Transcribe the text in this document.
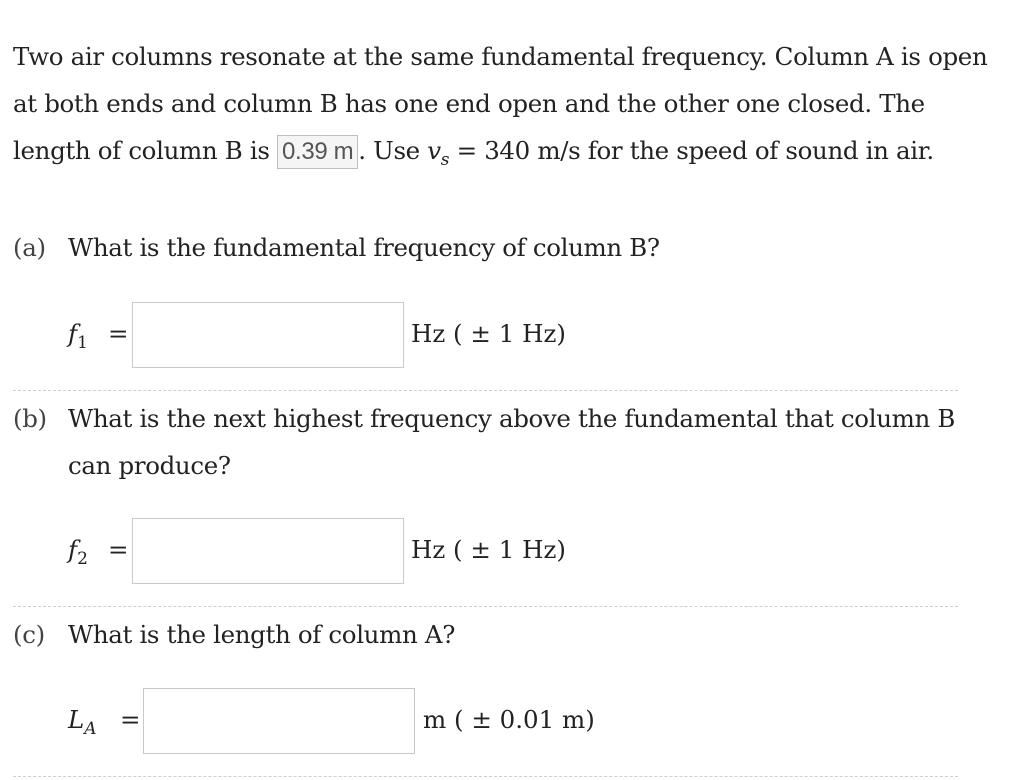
Two air columns resonate at the same fundamental frequency. Column A is open at both ends and column B has one end open and the other one closed. The length of column B is 0.39 m . Use $v_s = 340$ m/s for the speed of sound in air.

(a) What is the fundamental frequency of column B?
$f_1$ =	Hz ( ± 1 Hz)
(b) What is the next highest frequency above the fundamental that column B can produce?
$f_2$ =	Hz ( ± 1 Hz)
(c) What is the length of column A?
$L_A$ =	m ( ± 0.01 m)
